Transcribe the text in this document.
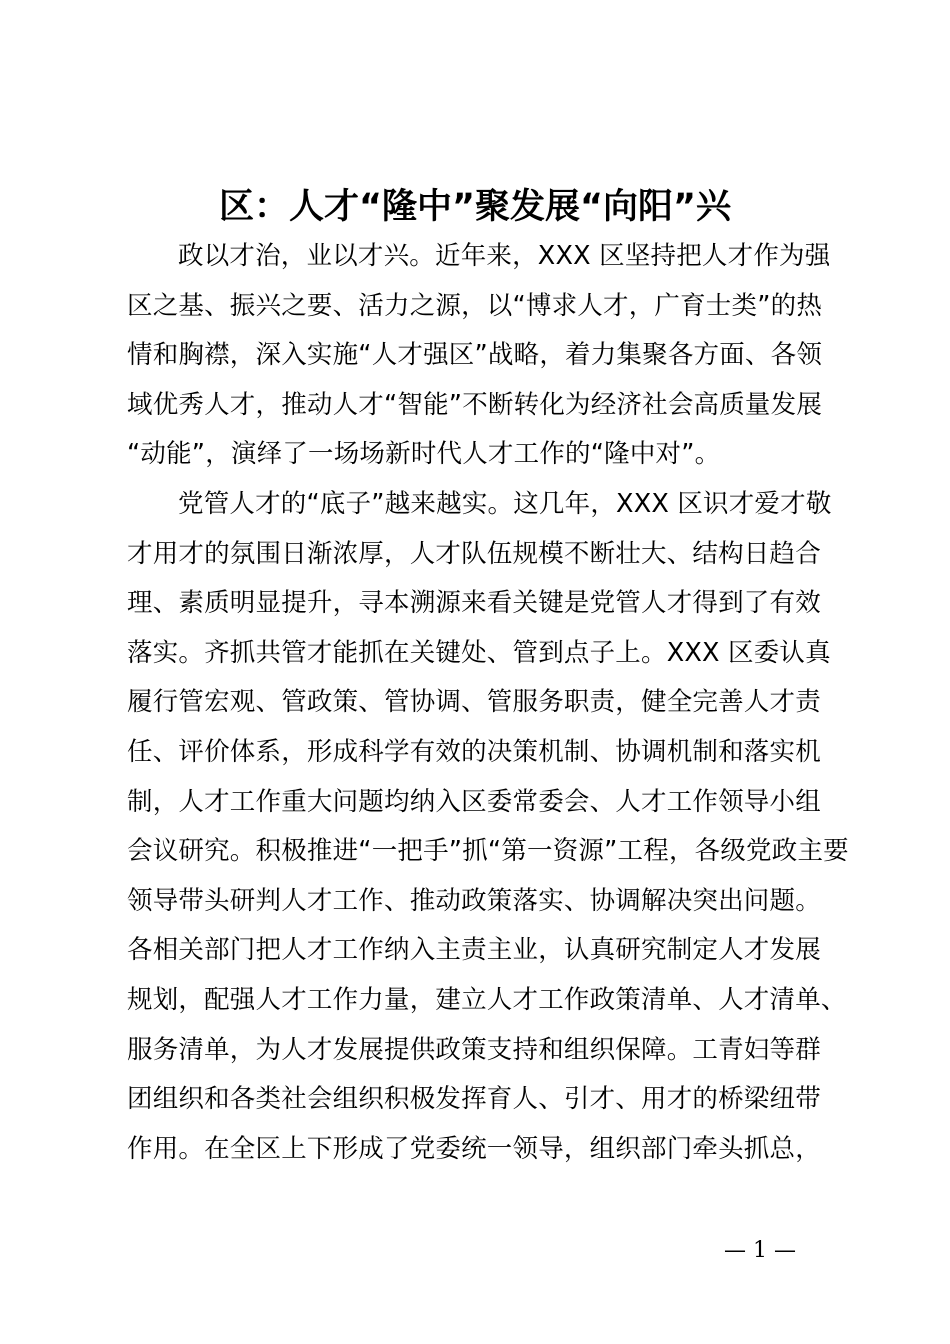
区：人才“隆中”聚发展“向阳”兴
政以才治，业以才兴。近年来，XXX 区坚持把人才作为强
区之基、振兴之要、活力之源，以“博求人才，广育士类”的热
情和胸襟，深入实施“人才强区”战略，着力集聚各方面、各领
域优秀人才，推动人才“智能”不断转化为经济社会高质量发展
“动能”，演绎了一场场新时代人才工作的“隆中对”。
党管人才的“底子”越来越实。这几年，XXX 区识才爱才敬
才用才的氛围日渐浓厚，人才队伍规模不断壮大、结构日趋合
理、素质明显提升，寻本溯源来看关键是党管人才得到了有效
落实。齐抓共管才能抓在关键处、管到点子上。XXX 区委认真
履行管宏观、管政策、管协调、管服务职责，健全完善人才责
任、评价体系，形成科学有效的决策机制、协调机制和落实机
制，人才工作重大问题均纳入区委常委会、人才工作领导小组
会议研究。积极推进“一把手”抓“第一资源”工程，各级党政主要
领导带头研判人才工作、推动政策落实、协调解决突出问题。
各相关部门把人才工作纳入主责主业，认真研究制定人才发展
规划，配强人才工作力量，建立人才工作政策清单、人才清单、
服务清单，为人才发展提供政策支持和组织保障。工青妇等群
团组织和各类社会组织积极发挥育人、引才、用才的桥梁纽带
作用。在全区上下形成了党委统一领导，组织部门牵头抓总，
— 1 —
